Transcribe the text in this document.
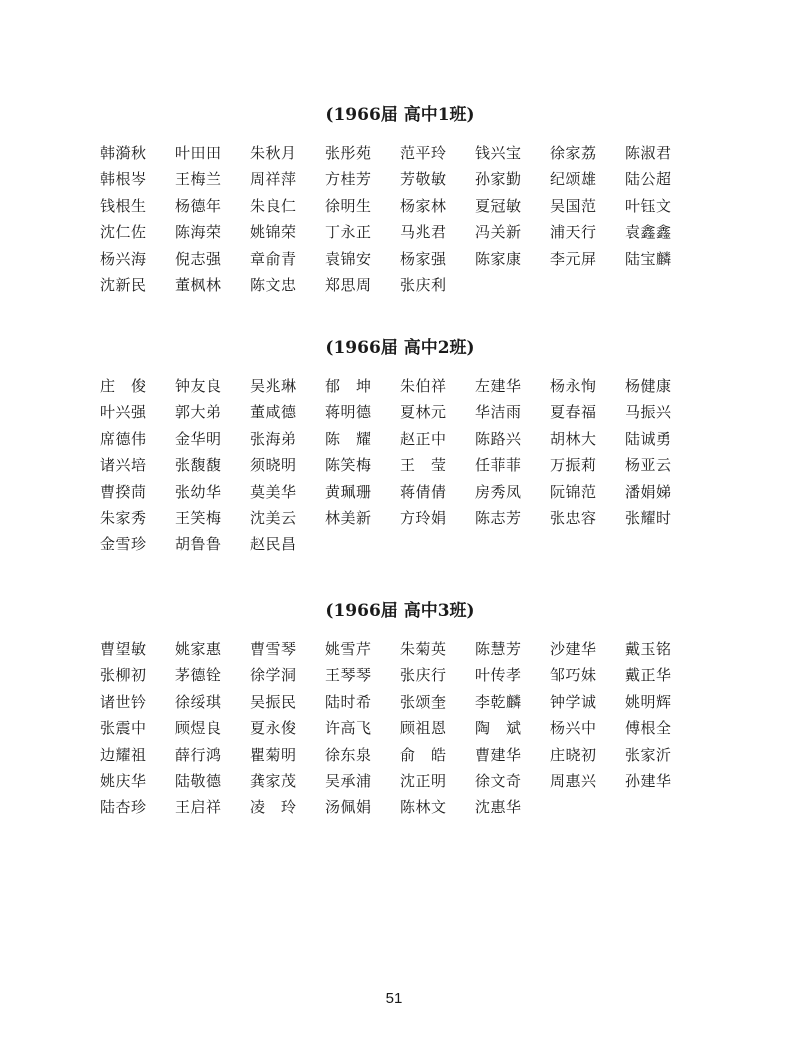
(1966届 高中1班)
韩漪秋	叶田田	朱秋月	张彤苑	范平玲	钱兴宝	徐家荔	陈淑君
韩根岑	王梅兰	周祥萍	方桂芳	芳敬敏	孙家勤	纪颂雄	陆公超
钱根生	杨德年	朱良仁	徐明生	杨家林	夏冠敏	吴国范	叶钰文
沈仁佐	陈海荣	姚锦荣	丁永正	马兆君	冯关新	浦天行	袁鑫鑫
杨兴海	倪志强	章俞青	袁锦安	杨家强	陈家康	李元屏	陆宝麟
沈新民	董枫林	陈文忠	郑思周	张庆利
(1966届 高中2班)
庄　俊	钟友良	吴兆琳	郁　坤	朱伯祥	左建华	杨永恂	杨健康
叶兴强	郭大弟	董咸德	蒋明德	夏林元	华洁雨	夏春福	马振兴
席德伟	金华明	张海弟	陈　耀	赵正中	陈路兴	胡林大	陆诚勇
诸兴培	张馥馥	须晓明	陈笑梅	王　莹	任菲菲	万振莉	杨亚云
曹揆茼	张幼华	莫美华	黄珮珊	蒋倩倩	房秀凤	阮锦范	潘娟娣
朱家秀	王笑梅	沈美云	林美新	方玲娟	陈志芳	张忠容	张耀时
金雪珍	胡鲁鲁	赵民昌
(1966届 高中3班)
曹望敏	姚家惠	曹雪琴	姚雪芹	朱菊英	陈慧芳	沙建华	戴玉铭
张柳初	茅德铨	徐学洞	王琴琴	张庆行	叶传孝	邹巧妹	戴正华
诸世钤	徐绥琪	吴振民	陆时希	张颂奎	李乾麟	钟学诚	姚明辉
张震中	顾煜良	夏永俊	许高飞	顾祖恩	陶　斌	杨兴中	傅根全
边耀祖	薛行鸿	瞿菊明	徐东泉	俞　皓	曹建华	庄晓初	张家沂
姚庆华	陆敬德	龚家茂	吴承浦	沈正明	徐文奇	周惠兴	孙建华
陆杏珍	王启祥	凌　玲	汤佩娟	陈林文	沈惠华
51
